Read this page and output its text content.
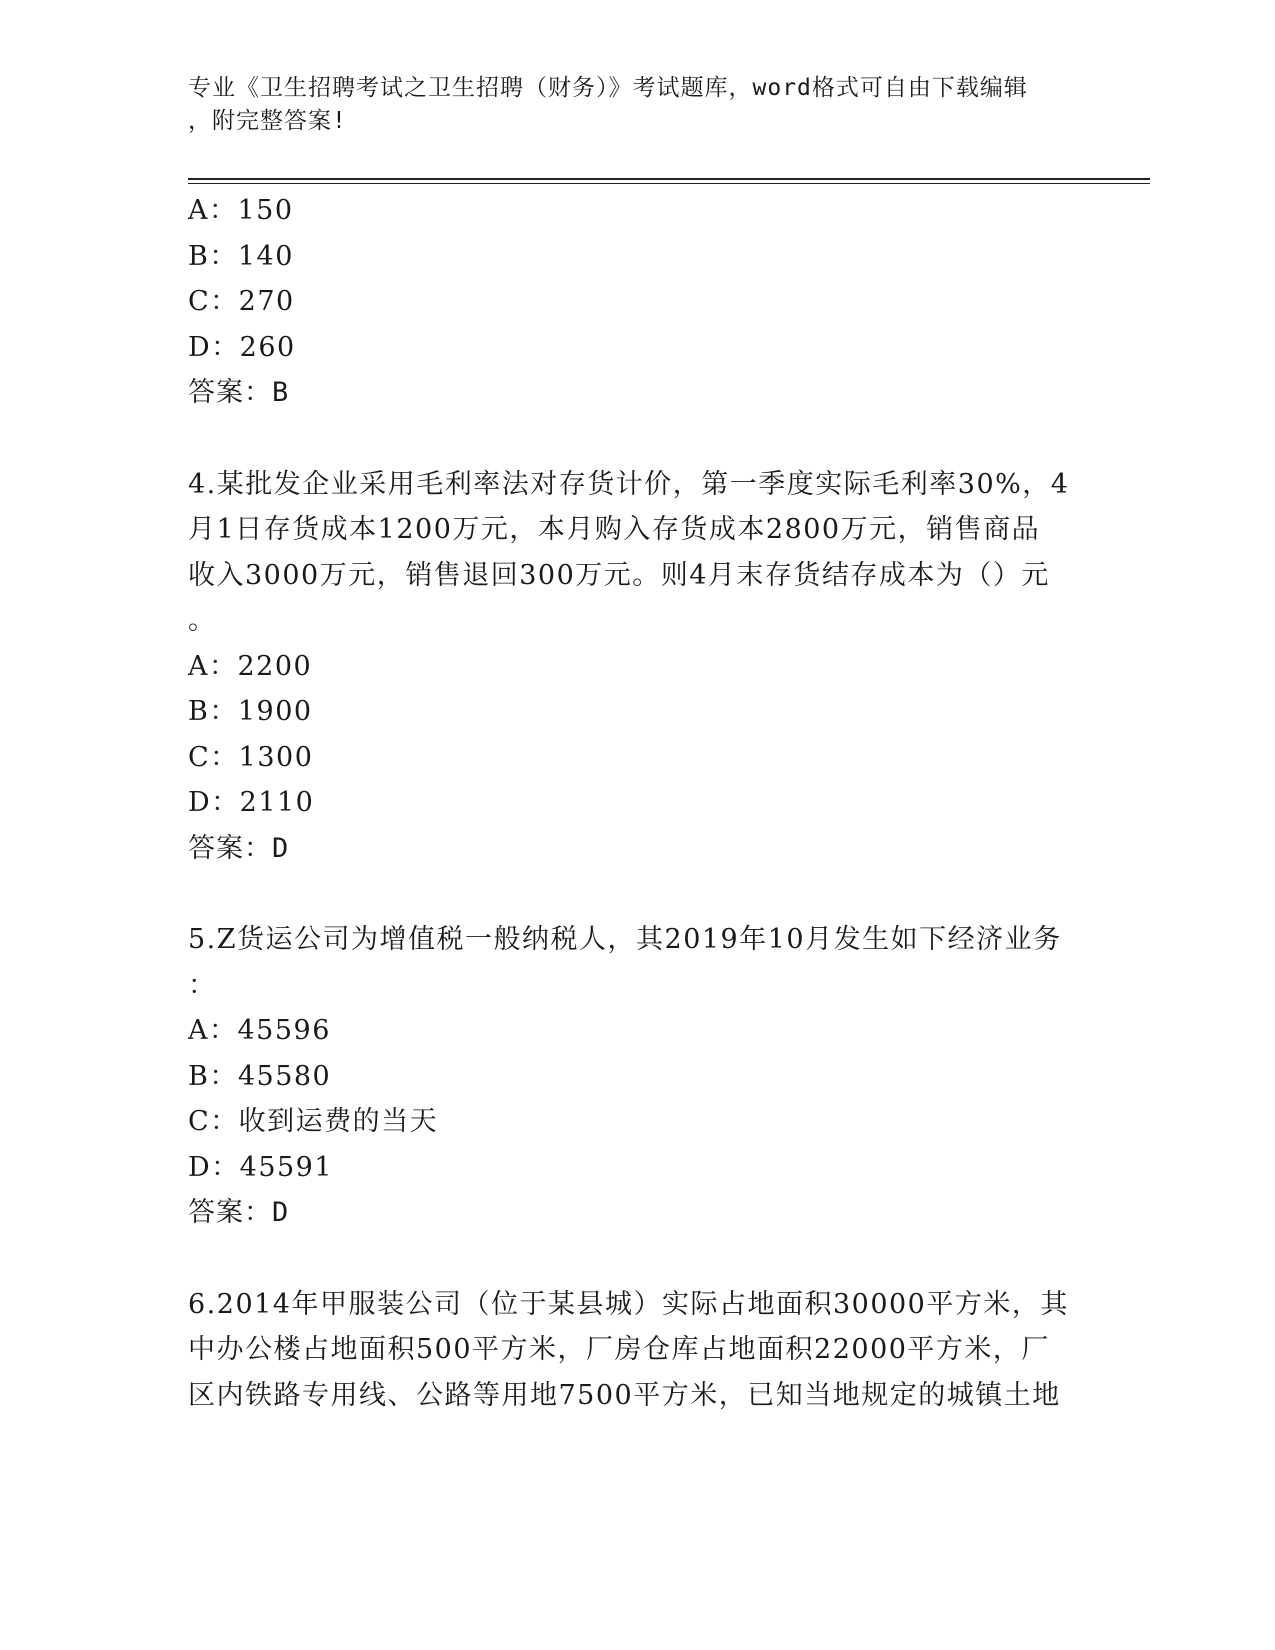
专业《卫生招聘考试之卫生招聘（财务）》考试题库，word格式可自由下载编辑
，附完整答案!
A：150
B：140
C：270
D：260
答案：B
4.某批发企业采用毛利率法对存货计价，第一季度实际毛利率30%，4
月1日存货成本1200万元，本月购入存货成本2800万元，销售商品
收入3000万元，销售退回300万元。则4月末存货结存成本为（）元
。
A：2200
B：1900
C：1300
D：2110
答案：D
5.Z货运公司为增值税一般纳税人，其2019年10月发生如下经济业务
：
A：45596
B：45580
C：收到运费的当天
D：45591
答案：D
6.2014年甲服装公司（位于某县城）实际占地面积30000平方米，其
中办公楼占地面积500平方米，厂房仓库占地面积22000平方米，厂
区内铁路专用线、公路等用地7500平方米，已知当地规定的城镇土地
